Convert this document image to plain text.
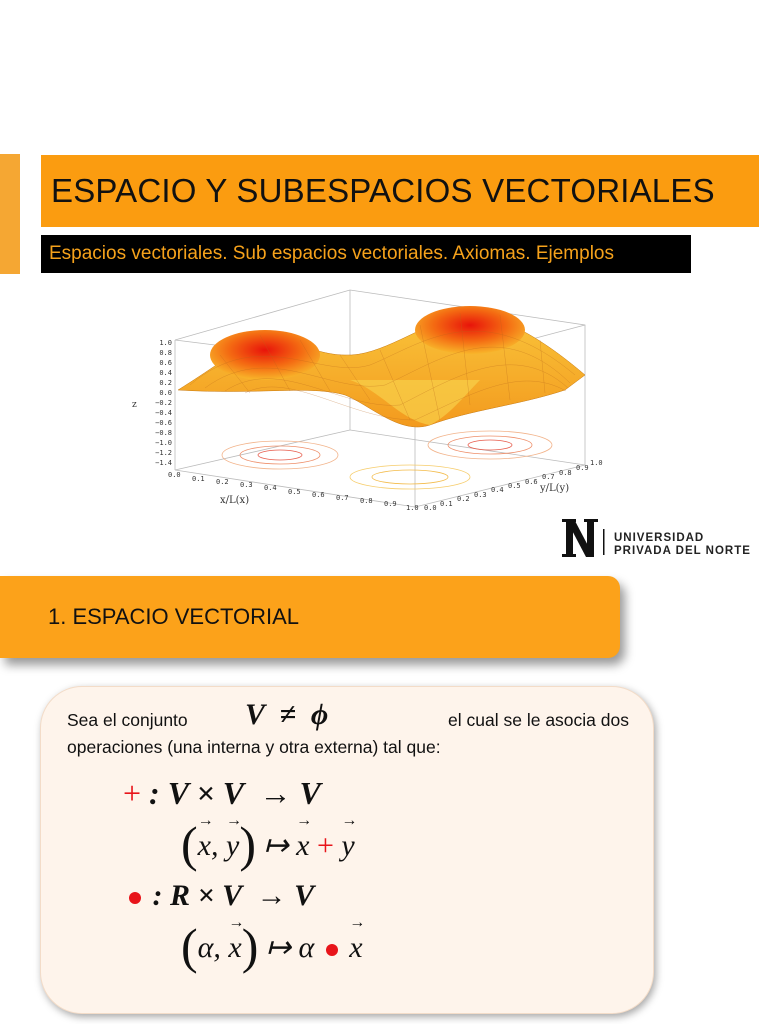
ESPACIO Y SUBESPACIOS VECTORIALES
Espacios vectoriales. Sub espacios vectoriales. Axiomas. Ejemplos
1.0
0.8
0.6
0.4
0.2
0.0
−0.2
−0.4
−0.6
−0.8
−1.0
−1.2
−1.4
z
0.0 0.1 0.2 0.3 0.4 0.5 0.6 0.7 0.8 0.9 1.0
x/L(x)
0.0 0.1
0.2 0.3
0.4 0.5 0.6
0.7 0.8
0.9
1.0
y/L(y)
UNIVERSIDAD
PRIVADA DEL NORTE
1. ESPACIO VECTORIAL
Sea el conjunto V  ≠  ϕ	el cual se le asocia dos
operaciones (una interna y otra externa) tal que:
+ : V × V  → V
(→ x, → y) ↦ → x + → y
: R × V  → V
(α, → x) ↦ α  → x
